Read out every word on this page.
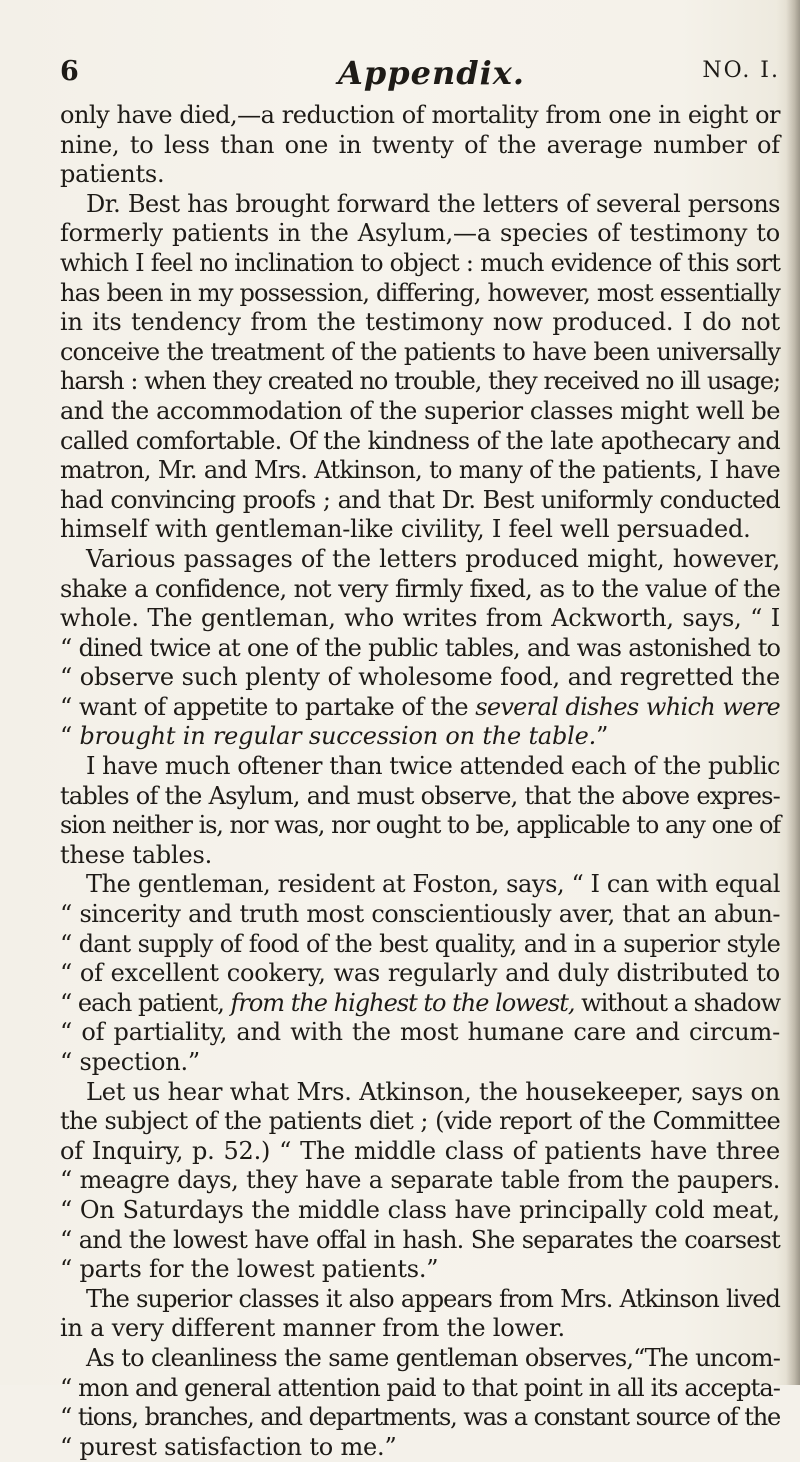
6	Appendix.	NO. I.
only have died,—a reduction of mortality from one in eight or
nine, to less than one in twenty of the average number of
patients.
Dr. Best has brought forward the letters of several persons
formerly patients in the Asylum,—a species of testimony to
which I feel no inclination to object : much evidence of this sort
has been in my possession, differing, however, most essentially
in its tendency from the testimony now produced. I do not
conceive the treatment of the patients to have been universally
harsh : when they created no trouble, they received no ill usage;
and the accommodation of the superior classes might well be
called comfortable. Of the kindness of the late apothecary and
matron, Mr. and Mrs. Atkinson, to many of the patients, I have
had convincing proofs ; and that Dr. Best uniformly conducted
himself with gentleman-like civility, I feel well persuaded.
Various passages of the letters produced might, however,
shake a confidence, not very firmly fixed, as to the value of the
whole. The gentleman, who writes from Ackworth, says, “ I
“ dined twice at one of the public tables, and was astonished to
“ observe such plenty of wholesome food, and regretted the
“ want of appetite to partake of the several dishes which were
“ brought in regular succession on the table.”
I have much oftener than twice attended each of the public
tables of the Asylum, and must observe, that the above expres-
sion neither is, nor was, nor ought to be, applicable to any one of
these tables.
The gentleman, resident at Foston, says, “ I can with equal
“ sincerity and truth most conscientiously aver, that an abun-
“ dant supply of food of the best quality, and in a superior style
“ of excellent cookery, was regularly and duly distributed to
“ each patient, from the highest to the lowest, without a shadow
“ of partiality, and with the most humane care and circum-
“ spection.”
Let us hear what Mrs. Atkinson, the housekeeper, says on
the subject of the patients diet ; (vide report of the Committee
of Inquiry, p. 52.) “ The middle class of patients have three
“ meagre days, they have a separate table from the paupers.
“ On Saturdays the middle class have principally cold meat,
“ and the lowest have offal in hash. She separates the coarsest
“ parts for the lowest patients.”
The superior classes it also appears from Mrs. Atkinson lived
in a very different manner from the lower.
As to cleanliness the same gentleman observes,“The uncom-
“ mon and general attention paid to that point in all its accepta-
“ tions, branches, and departments, was a constant source of the
“ purest satisfaction to me.”
